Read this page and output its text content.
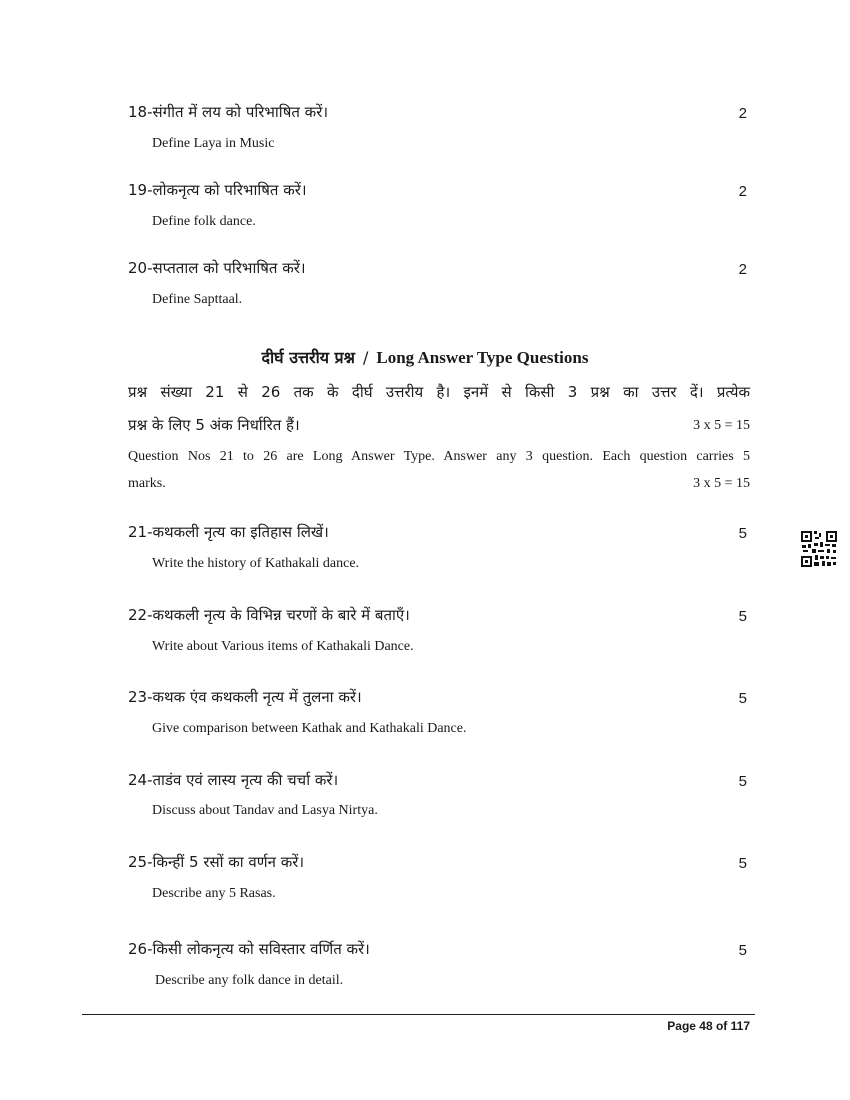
18-संगीत में लय को परिभाषित करें।	2
Define Laya in Music
19-लोकनृत्य को परिभाषित करें।	2
Define folk dance.
20-सप्तताल को परिभाषित करें।	2
Define Sapttaal.
दीर्घ उत्तरीय प्रश्न / Long Answer Type Questions
प्रश्न संख्या 21 से 26 तक के दीर्घ उत्तरीय है। इनमें से किसी 3 प्रश्न का उत्तर दें। प्रत्येक
प्रश्न के लिए 5 अंक निर्धारित हैं।	3 x 5 = 15
Question Nos 21 to 26 are Long Answer Type. Answer any 3 question. Each question carries 5
marks.	3 x 5 = 15
21-कथकली नृत्य का इतिहास लिखें।	5
Write the history of Kathakali dance.
22-कथकली नृत्य के विभिन्न चरणों के बारे में बताएँ।	5
Write about Various items of Kathakali Dance.
23-कथक एंव कथकली नृत्य में तुलना करें।	5
Give comparison between Kathak and Kathakali Dance.
24-ताडंव एवं लास्य नृत्य की चर्चा करें।	5
Discuss about Tandav and Lasya Nirtya.
25-किन्हीं 5 रसों का वर्णन करें।	5
Describe any 5 Rasas.
26-किसी लोकनृत्य को सविस्तार वर्णित करें।	5
Describe any folk dance in detail.
Page 48 of 117
